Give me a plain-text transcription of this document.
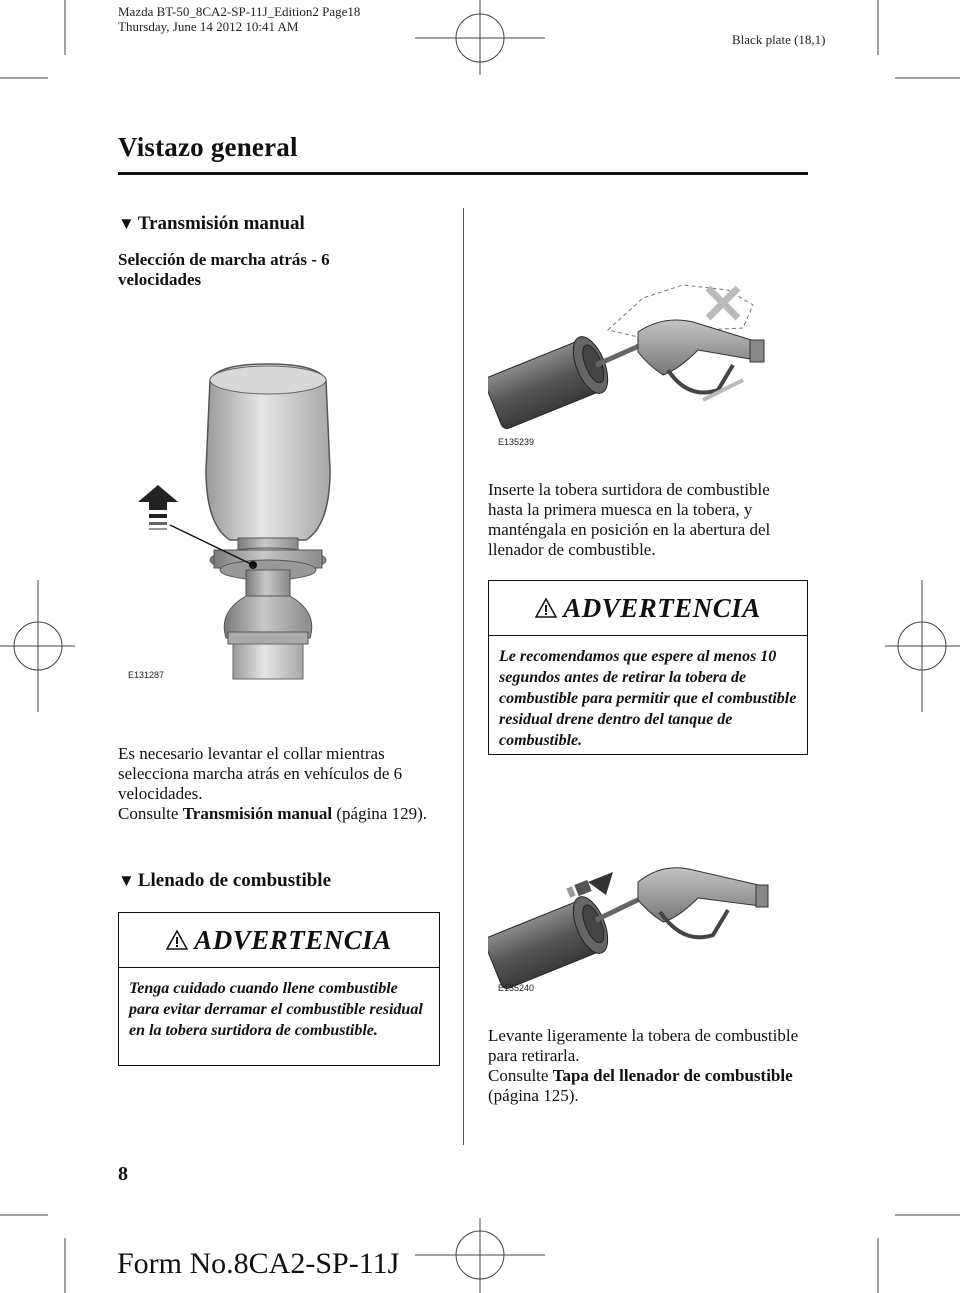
Mazda BT-50_8CA2-SP-11J_Edition2 Page18
Thursday, June 14 2012 10:41 AM
Black plate (18,1)
Vistazo general
▼ Transmisión manual
Selección de marcha atrás - 6 velocidades
E131287
Es necesario levantar el collar mientras selecciona marcha atrás en vehículos de 6 velocidades.
Consulte Transmisión manual (página 129).
▼ Llenado de combustible
ADVERTENCIA
Tenga cuidado cuando llene combustible para evitar derramar el combustible residual en la tobera surtidora de combustible.
E135239
Inserte la tobera surtidora de combustible hasta la primera muesca en la tobera, y manténgala en posición en la abertura del llenador de combustible.
ADVERTENCIA
Le recomendamos que espere al menos 10 segundos antes de retirar la tobera de combustible para permitir que el combustible residual drene dentro del tanque de combustible.
E135240
Levante ligeramente la tobera de combustible para retirarla.
Consulte Tapa del llenador de combustible (página 125).
8
Form No.8CA2-SP-11J
